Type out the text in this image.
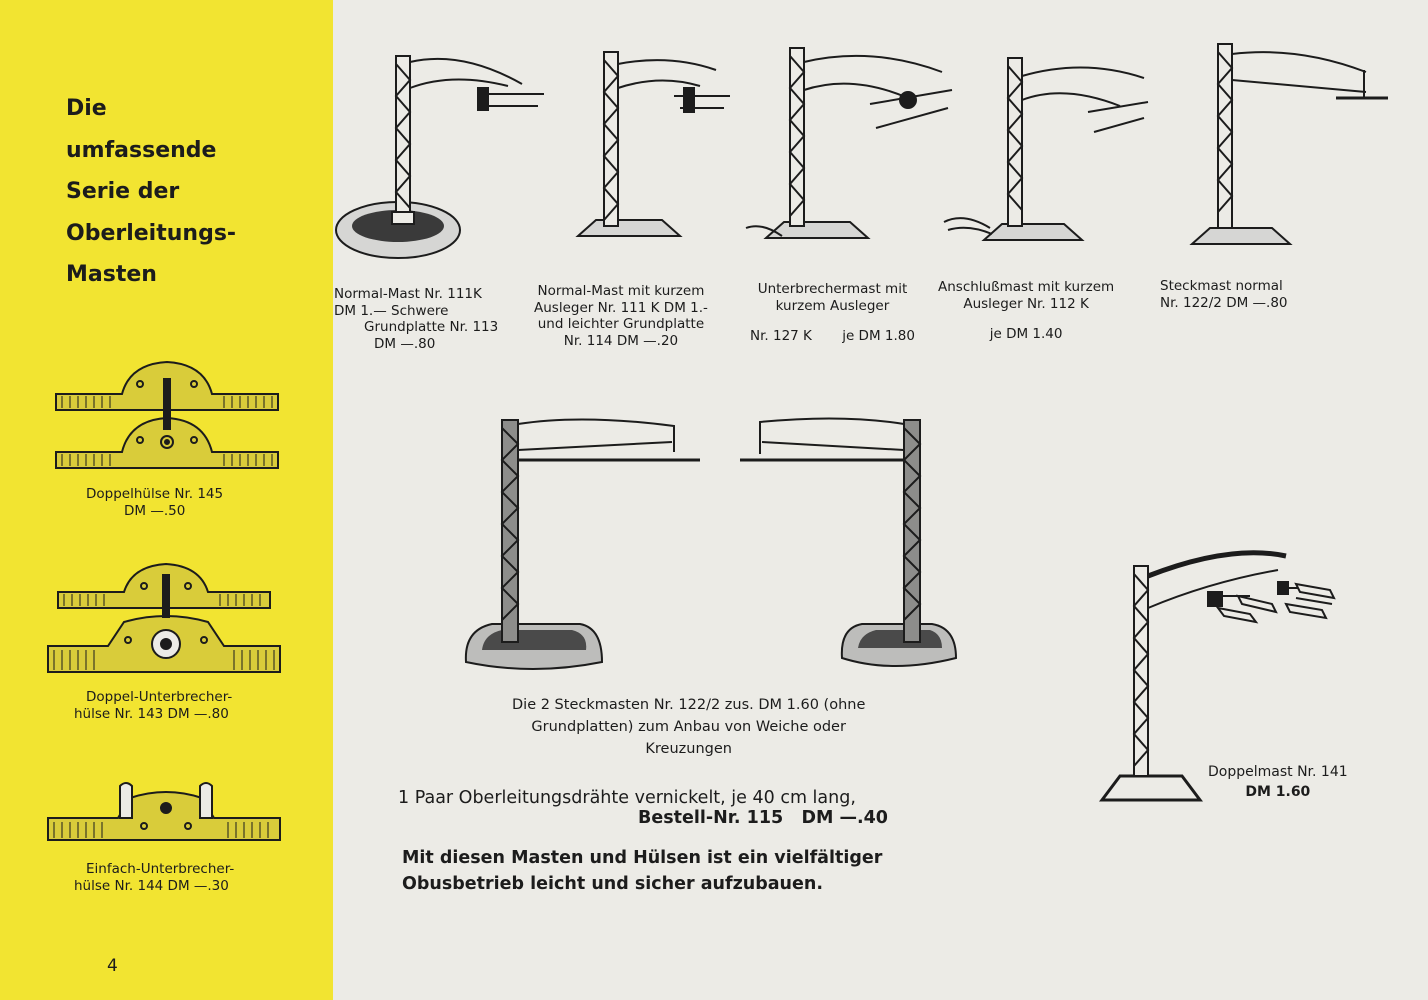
Die
umfassende
Serie der
Oberleitungs-
Masten
Doppelhülse Nr. 145
DM —.50
Doppel-Unterbrecher-
hülse Nr. 143 DM —.80
Einfach-Unterbrecher-
hülse Nr. 144 DM —.30
4
Normal-Mast Nr. 111K
DM 1.— Schwere
Grundplatte Nr. 113
DM —.80
Normal-Mast mit kurzem
Ausleger Nr. 111 K DM 1.-
und leichter Grundplatte
Nr. 114 DM —.20
Unterbrechermast mit
kurzem Ausleger
Nr. 127 K je DM 1.80
Anschlußmast mit kurzem
Ausleger Nr. 112 K
je DM 1.40
Steckmast normal
Nr. 122/2 DM —.80
Die 2 Steckmasten Nr. 122/2 zus. DM 1.60 (ohne
Grundplatten) zum Anbau von Weiche oder
Kreuzungen
Doppelmast Nr. 141
DM 1.60
1 Paar Oberleitungsdrähte vernickelt, je 40 cm lang,
Bestell-Nr. 115   DM —.40
Mit diesen Masten und Hülsen ist ein vielfältiger
Obusbetrieb leicht und sicher aufzubauen.
